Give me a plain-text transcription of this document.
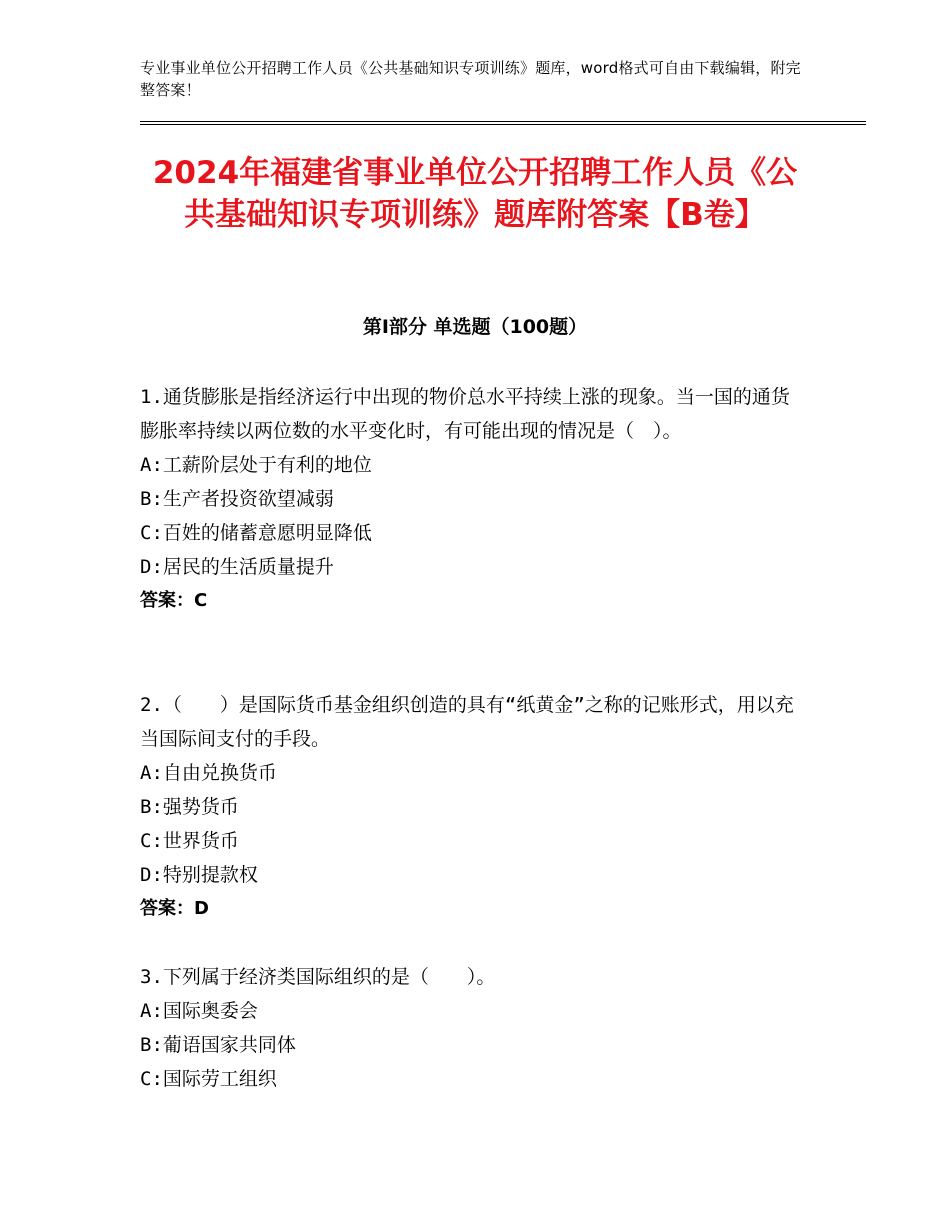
专业事业单位公开招聘工作人员《公共基础知识专项训练》题库，word格式可自由下载编辑，附完整答案！
2024年福建省事业单位公开招聘工作人员《公共基础知识专项训练》题库附答案【B卷】
第Ⅰ部分 单选题（100题）

1.通货膨胀是指经济运行中出现的物价总水平持续上涨的现象。当一国的通货膨胀率持续以两位数的水平变化时，有可能出现的情况是（　）。

A: 工薪阶层处于有利的地位

B: 生产者投资欲望减弱

C: 百姓的储蓄意愿明显降低

D: 居民的生活质量提升

答案：C

2.（　　）是国际货币基金组织创造的具有“纸黄金”之称的记账形式，用以充当国际间支付的手段。

A: 自由兑换货币

B: 强势货币

C: 世界货币

D: 特别提款权

答案：D

3.下列属于经济类国际组织的是（　　）。

A: 国际奥委会

B: 葡语国家共同体

C: 国际劳工组织
